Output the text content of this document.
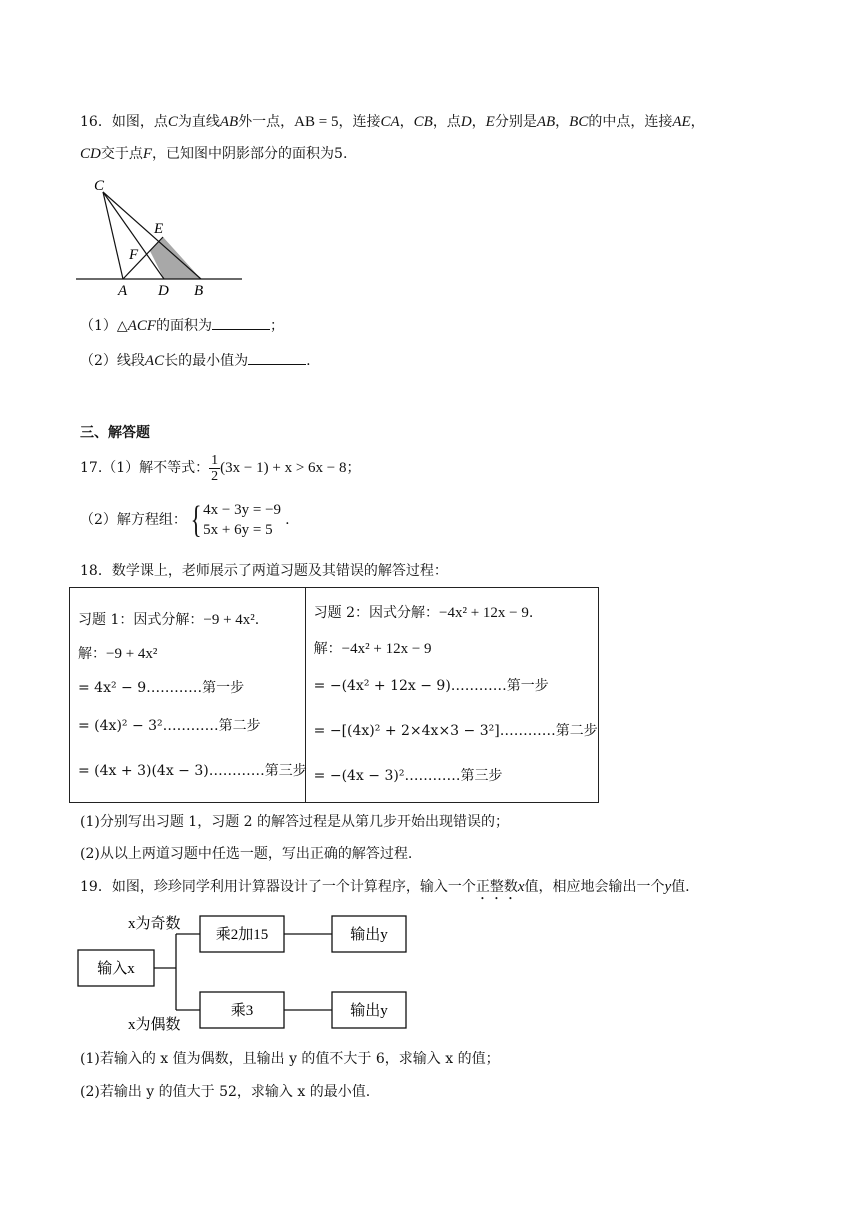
16．如图，点C为直线AB外一点，AB = 5，连接CA，CB，点D，E分别是AB，BC的中点，连接AE，
CD交于点F，已知图中阴影部分的面积为5.
C
E
F
A D B
（1）△ACF的面积为	；
（2）线段AC长的最小值为	.
三、解答题
17.（1）解不等式： $\frac{1}{2} (3x - 1) + x > 6x - 8$ ；
（2）解方程组： { 4x − 3y = −9
5x + 6y = 5
.
18．数学课上，老师展示了两道习题及其错误的解答过程：
习题 1：因式分解：−9 + 4x².
解：−9 + 4x²
= 4x² − 9…………第一步
= (4x)² − 3²…………第二步
= (4x + 3)(4x − 3)…………第三步

习题 2：因式分解：−4x² + 12x − 9.
解：−4x² + 12x − 9
= −(4x² + 12x − 9)…………第一步
= −[(4x)² + 2×4x×3 − 3²]…………第二步
= −(4x − 3)²…………第三步
(1)分别写出习题 1，习题 2 的解答过程是从第几步开始出现错误的；
(2)从以上两道习题中任选一题，写出正确的解答过程.
19．如图，珍珍同学利用计算器设计了一个计算程序，输入一个正整数x值，相应地会输出一个y值.
输入x
x为奇数
x为偶数
乘2加15
乘3
输出y
输出y
(1)若输入的 x 值为偶数，且输出 y 的值不大于 6，求输入 x 的值；
(2)若输出 y 的值大于 52，求输入 x 的最小值.
